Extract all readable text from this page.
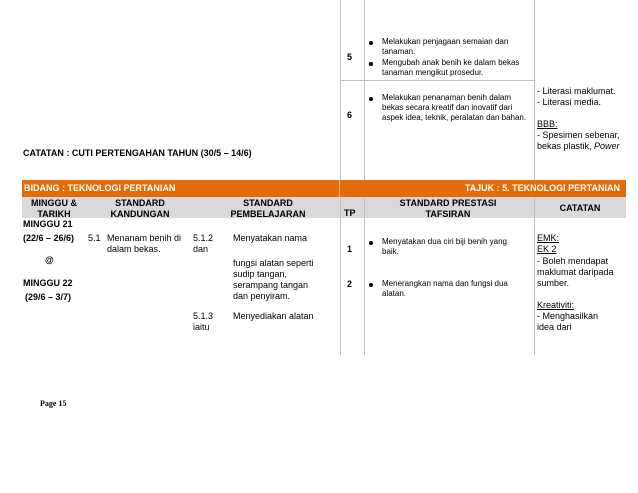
5
Melakukan penjagaan semaian dan tanaman.
Mengubah anak benih ke dalam bekas tanaman mengikut prosedur.
6
Melakukan penanaman benih dalam bekas secara kreatif dan inovatif dari aspek idea, teknik, peralatan dan bahan.
- Literasi maklumat.
- Literasi media.
BBB:
- Spesimen sebenar,
bekas plastik, Power
CATATAN : CUTI PERTENGAHAN TAHUN (30/5 – 14/6)
BIDANG : TEKNOLOGI PERTANIAN	TAJUK : 5. TEKNOLOGI PERTANIAN
MINGGU &
TARIKH
STANDARD
KANDUNGAN
STANDARD
PEMBELAJARAN	TP
STANDARD PRESTASI
TAFSIRAN
CATATAN
MINGGU 21
(22/6 – 26/6)
@
MINGGU 22
(29/6 – 3/7)
5.1 Menanam benih di
dalam bekas.
5.1.2 Menyatakan nama
dan
fungsi alatan seperti
sudip tangan,
serampang tangan
dan penyiram.
5.1.3 Menyediakan alatan
iaitu
1
2
Menyatakan dua ciri biji benih yang
baik.
Menerangkan nama dan fungsi dua
alatan.
EMK:
EK 2
- Boleh mendapat
maklumat daripada
sumber.
Kreativiti:
- Menghasilkan
idea dari
Page 15
